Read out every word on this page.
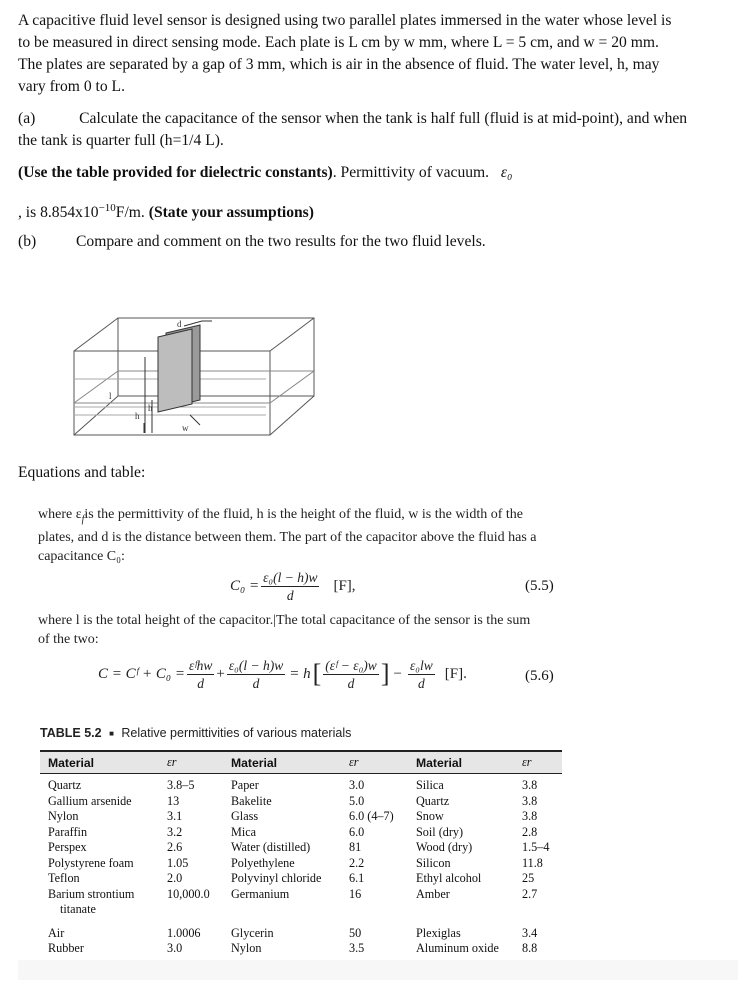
A capacitive fluid level sensor is designed using two parallel plates immersed in the water whose level is
to be measured in direct sensing mode. Each plate is L cm by w mm, where L = 5 cm, and w = 20 mm.
The plates are separated by a gap of 3 mm, which is air in the absence of fluid. The water level, h, may
vary from 0 to L.
(a)	Calculate the capacitance of the sensor when the tank is half full (fluid is at mid-point), and when
the tank is quarter full (h=1/4 L).
(Use the table provided for dielectric constants). Permittivity of vacuum. ε₀
, is $8.854x10^{-10}F/m$. (State your assumptions)
(b)	Compare and comment on the two results for the two fluid levels.
d
l
h
h
w
Equations and table:
where $\varepsilon_fis$ the permittivity of the fluid, h is the height of the fluid, w is the width of the
plates, and d is the distance between them. The part of the capacitor above the fluid has a
capacitance C₀:
$C_0 = \frac{\text{ε₀(l − h)w}}{d} [F]$,	(5.5)
where l is the total height of the capacitor.|The total capacitance of the sensor is the sum
of the two:
C = Cᶠ + $C_0 = \frac{\text{εᶠhw}}{d} + \frac{\text{ε₀(l − h)w}}{d} = h$ [ $\frac{\text{(εᶠ − ε₀)w}}{d}$ ] − $\frac{\text{ε₀lw}}{d} [F]$.	(5.6)
TABLE 5.2 ■ Relative permittivities of various materials
Material	εr	Material	εr	Material	εr
Quartz	3.8–5	Paper	3.0	Silica	3.8
Gallium arsenide	13	Bakelite	5.0	Quartz	3.8
Nylon	3.1	Glass	6.0 (4–7)	Snow	3.8
Paraffin	3.2	Mica	6.0	Soil (dry)	2.8
Perspex	2.6	Water (distilled)	81	Wood (dry)	1.5–4
Polystyrene foam	1.05	Polyethylene	2.2	Silicon	11.8
Teflon	2.0	Polyvinyl chloride	6.1	Ethyl alcohol	25
Barium strontium	10,000.0	Germanium	16	Amber	2.7
titanate					
Air	1.0006	Glycerin	50	Plexiglas	3.4
Rubber	3.0	Nylon	3.5	Aluminum oxide	8.8
